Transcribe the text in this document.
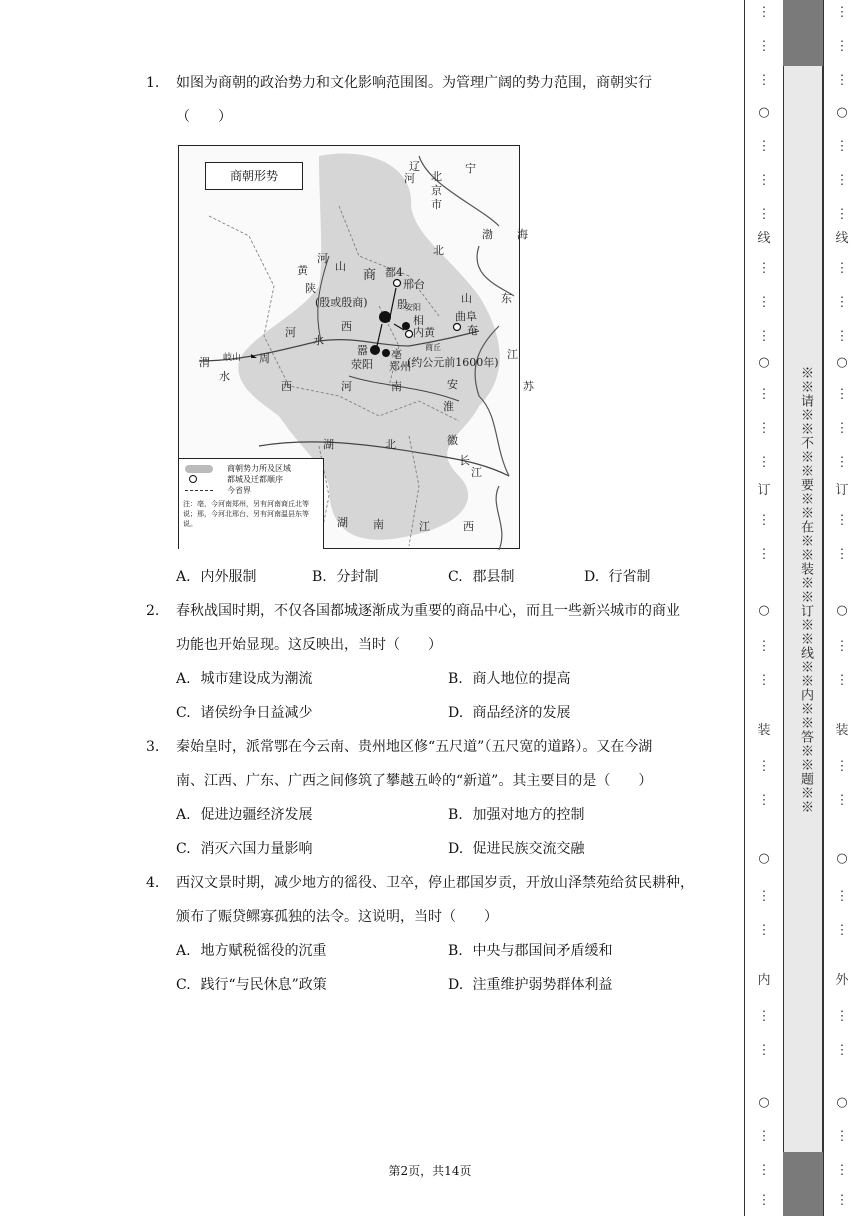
1. 如图为商朝的政治势力和文化影响范围图。为管理广阔的势力范围，商朝实行
（　　）
商朝形势
辽	宁
河 北
京
市
渤 海
北
黄
河
山
陕
西
商 都4
邢台
(殷或殷商)	殷
安阳
相
内黄
山	东
曲阜
奄
河
水
商丘
嚣
荥阳
亳
郑州
(约公元前1600年)
渭 岐山 周
水
西	河	南	安
江
苏
淮
湖	北	徽
长
江
湖 南	江	西
商朝势力所及区域
都城及迁都顺序
今省界
注：亳，今河南郑州，另有河南商丘北等说；邢，今河北邢台，另有河南温县东等说。
A. 内外服制	B. 分封制	C. 郡县制	D. 行省制
2. 春秋战国时期，不仅各国都城逐渐成为重要的商品中心，而且一些新兴城市的商业
功能也开始显现。这反映出，当时（　　）
A. 城市建设成为潮流	B. 商人地位的提高
C. 诸侯纷争日益减少	D. 商品经济的发展
3. 秦始皇时，派常鄂在今云南、贵州地区修“五尺道”（五尺宽的道路）。又在今湖
南、江西、广东、广西之间修筑了攀越五岭的“新道”。其主要目的是（　　）
A. 促进边疆经济发展	B. 加强对地方的控制
C. 消灭六国力量影响	D. 促进民族交流交融
4. 西汉文景时期，减少地方的徭役、卫卒，停止郡国岁贡，开放山泽禁苑给贫民耕种，
颁布了赈贷鳏寡孤独的法令。这说明，当时（　　）
A. 地方赋税徭役的沉重	B. 中央与郡国间矛盾缓和
C. 践行“与民休息”政策	D. 注重维护弱势群体利益
第2页，共14页
※※请※※不※※要※※在※※装※※订※※线※※内※※答※※题※※
⋮
⋮
⋮
○
⋮
⋮
⋮
线
⋮
⋮
⋮
○
⋮
⋮
⋮
订
⋮
⋮
○
⋮
⋮
装
⋮
⋮
○
⋮
⋮
内
⋮
⋮
○
⋮
⋮
⋮
⋮
⋮
⋮
○
⋮
⋮
⋮
线
⋮
⋮
⋮
○
⋮
⋮
⋮
订
⋮
⋮
○
⋮
⋮
装
⋮
⋮
○
⋮
⋮
外
⋮
⋮
○
⋮
⋮
⋮
